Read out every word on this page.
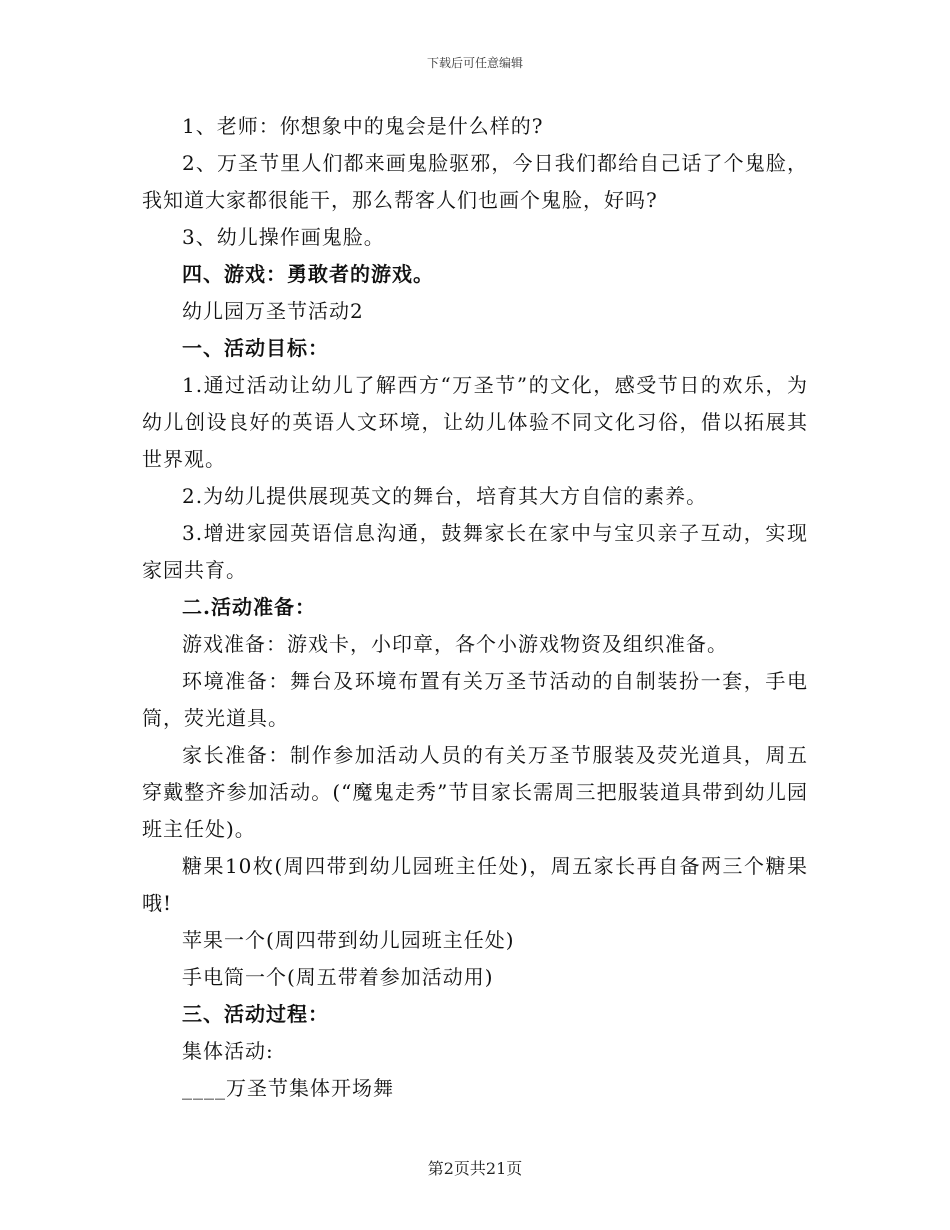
下载后可任意编辑

1、老师：你想象中的鬼会是什么样的?

2、万圣节里人们都来画鬼脸驱邪，今日我们都给自己话了个鬼脸，我知道大家都很能干，那么帮客人们也画个鬼脸，好吗?

3、幼儿操作画鬼脸。

四、游戏：勇敢者的游戏。

幼儿园万圣节活动2

一、活动目标：

1.通过活动让幼儿了解西方“万圣节”的文化，感受节日的欢乐，为幼儿创设良好的英语人文环境，让幼儿体验不同文化习俗，借以拓展其世界观。

2.为幼儿提供展现英文的舞台，培育其大方自信的素养。

3.增进家园英语信息沟通，鼓舞家长在家中与宝贝亲子互动，实现家园共育。

二.活动准备：

游戏准备：游戏卡，小印章，各个小游戏物资及组织准备。

环境准备：舞台及环境布置有关万圣节活动的自制装扮一套，手电筒，荧光道具。

家长准备：制作参加活动人员的有关万圣节服装及荧光道具，周五穿戴整齐参加活动。(“魔鬼走秀”节目家长需周三把服装道具带到幼儿园班主任处)。

糖果10枚(周四带到幼儿园班主任处)，周五家长再自备两三个糖果哦!

苹果一个(周四带到幼儿园班主任处)

手电筒一个(周五带着参加活动用)

三、活动过程：

集体活动:

____万圣节集体开场舞

第2页共21页
